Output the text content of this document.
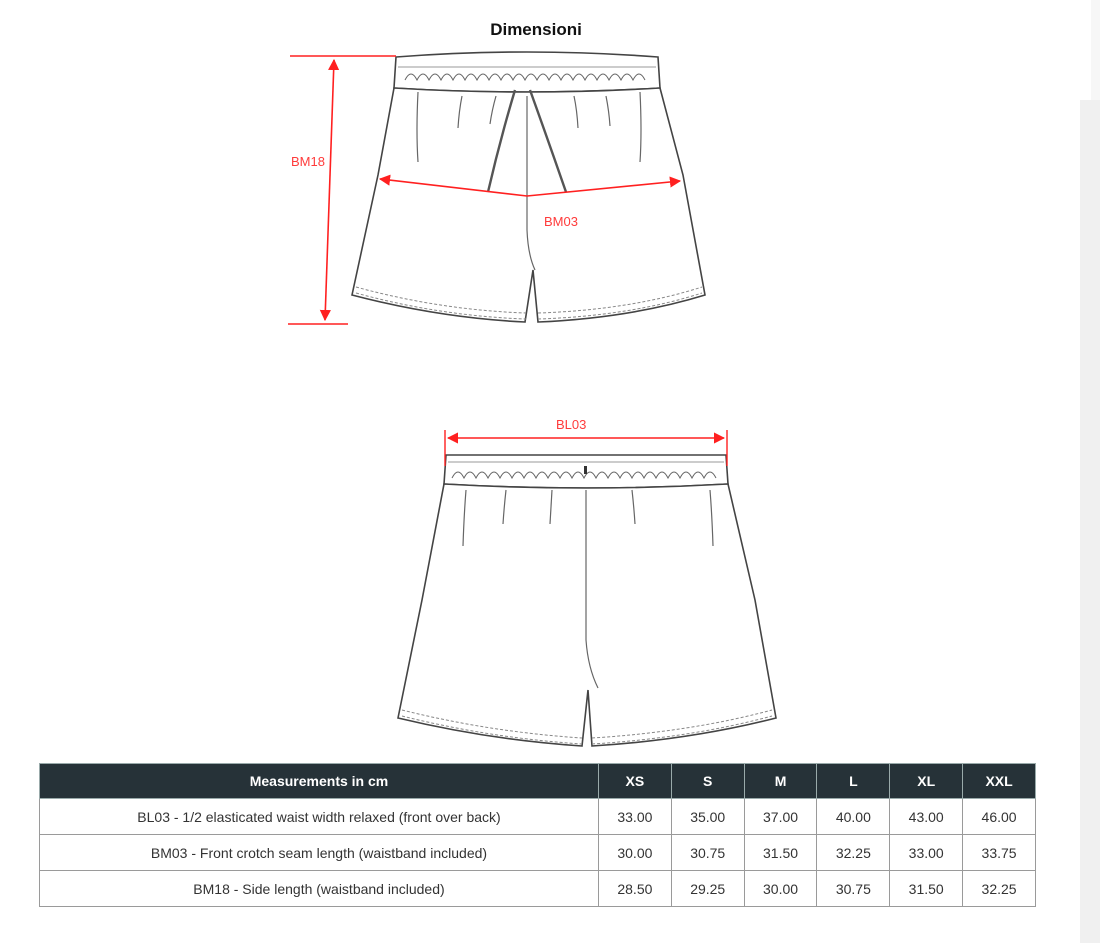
Dimensioni
BM18
BM03
BL03
Measurements in cm	XS	S	M	L	XL	XXL
BL03 - 1/2 elasticated waist width relaxed (front over back)	33.00	35.00	37.00	40.00	43.00	46.00
BM03 - Front crotch seam length (waistband included)	30.00	30.75	31.50	32.25	33.00	33.75
BM18 - Side length (waistband included)	28.50	29.25	30.00	30.75	31.50	32.25
